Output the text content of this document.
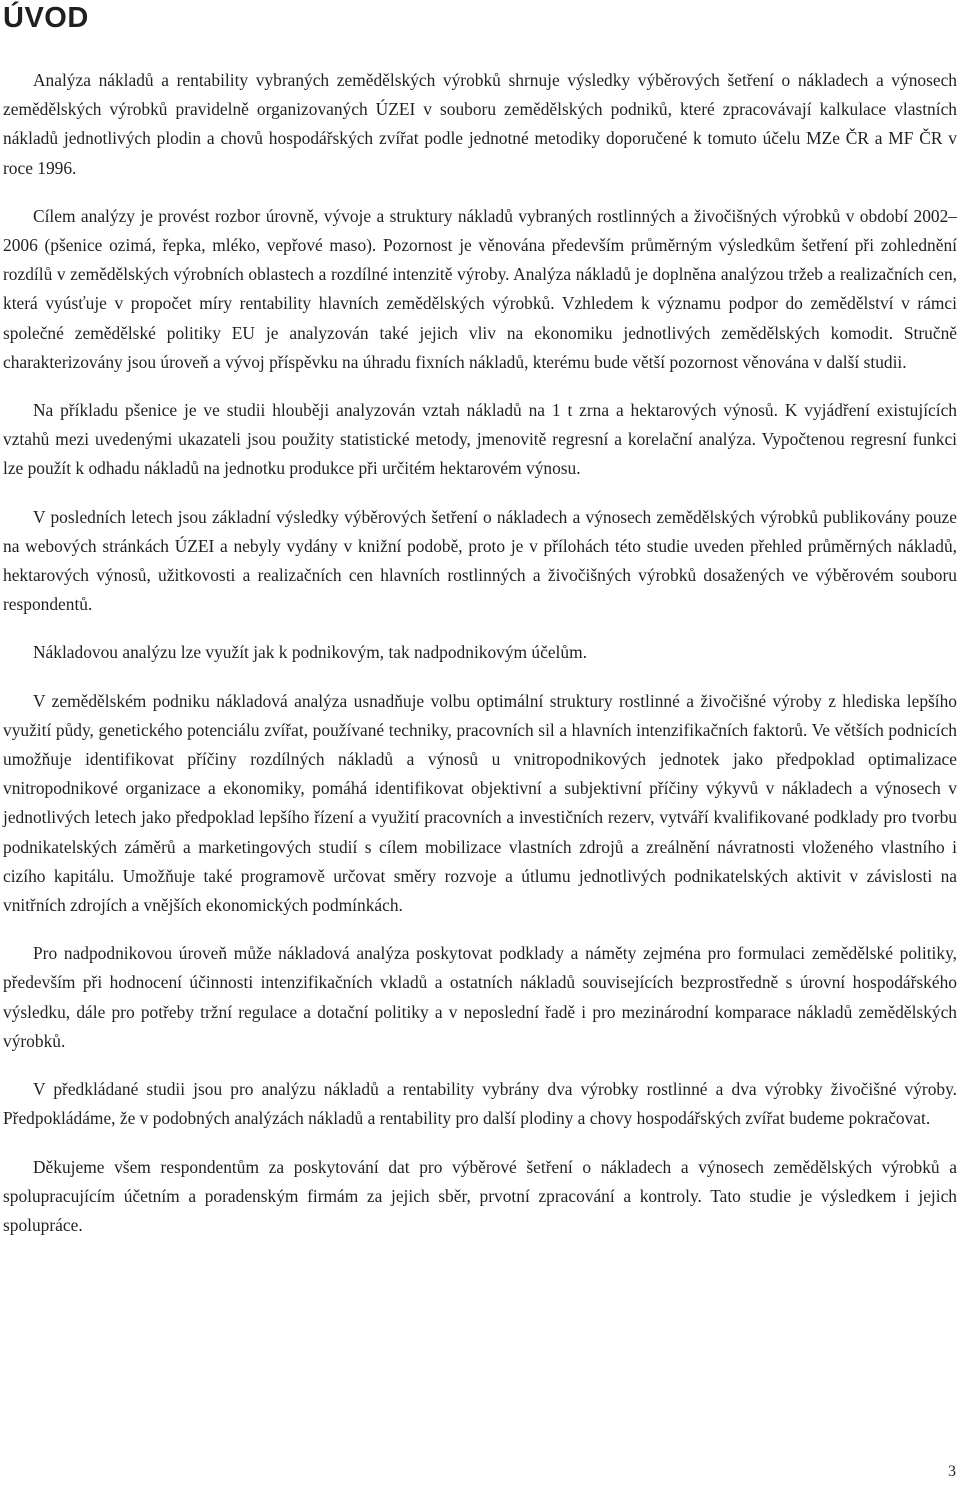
ÚVOD

Analýza nákladů a rentability vybraných zemědělských výrobků shrnuje výsledky výběrových šetření o nákladech a výnosech zemědělských výrobků pravidelně organizovaných ÚZEI v souboru zemědělských podniků, které zpracovávají kalkulace vlastních nákladů jednotlivých plodin a chovů hospodářských zvířat podle jednotné metodiky doporučené k tomuto účelu MZe ČR a MF ČR v roce 1996.

Cílem analýzy je provést rozbor úrovně, vývoje a struktury nákladů vybraných rostlinných a živočišných výrobků v období 2002–2006 (pšenice ozimá, řepka, mléko, vepřové maso). Pozornost je věnována především průměrným výsledkům šetření při zohlednění rozdílů v zemědělských výrobních oblastech a rozdílné intenzitě výroby. Analýza nákladů je doplněna analýzou tržeb a realizačních cen, která vyúsťuje v propočet míry rentability hlavních zemědělských výrobků. Vzhledem k významu podpor do zemědělství v rámci společné zemědělské politiky EU je analyzován také jejich vliv na ekonomiku jednotlivých zemědělských komodit. Stručně charakterizovány jsou úroveň a vývoj příspěvku na úhradu fixních nákladů, kterému bude větší pozornost věnována v další studii.

Na příkladu pšenice je ve studii hlouběji analyzován vztah nákladů na 1 t zrna a hektarových výnosů. K vyjádření existujících vztahů mezi uvedenými ukazateli jsou použity statistické metody, jmenovitě regresní a korelační analýza. Vypočtenou regresní funkci lze použít k odhadu nákladů na jednotku produkce při určitém hektarovém výnosu.

V posledních letech jsou základní výsledky výběrových šetření o nákladech a výnosech zemědělských výrobků publikovány pouze na webových stránkách ÚZEI a nebyly vydány v knižní podobě, proto je v přílohách této studie uveden přehled průměrných nákladů, hektarových výnosů, užitkovosti a realizačních cen hlavních rostlinných a živočišných výrobků dosažených ve výběrovém souboru respondentů.

Nákladovou analýzu lze využít jak k podnikovým, tak nadpodnikovým účelům.

V zemědělském podniku nákladová analýza usnadňuje volbu optimální struktury rostlinné a živočišné výroby z hlediska lepšího využití půdy, genetického potenciálu zvířat, používané techniky, pracovních sil a hlavních intenzifikačních faktorů. Ve větších podnicích umožňuje identifikovat příčiny rozdílných nákladů a výnosů u vnitropodnikových jednotek jako předpoklad optimalizace vnitropodnikové organizace a ekonomiky, pomáhá identifikovat objektivní a subjektivní příčiny výkyvů v nákladech a výnosech v jednotlivých letech jako předpoklad lepšího řízení a využití pracovních a investičních rezerv, vytváří kvalifikované podklady pro tvorbu podnikatelských záměrů a marketingových studií s cílem mobilizace vlastních zdrojů a zreálnění návratnosti vloženého vlastního i cizího kapitálu. Umožňuje také programově určovat směry rozvoje a útlumu jednotlivých podnikatelských aktivit v závislosti na vnitřních zdrojích a vnějších ekonomických podmínkách.

Pro nadpodnikovou úroveň může nákladová analýza poskytovat podklady a náměty zejména pro formulaci zemědělské politiky, především při hodnocení účinnosti intenzifikačních vkladů a ostatních nákladů souvisejících bezprostředně s úrovní hospodářského výsledku, dále pro potřeby tržní regulace a dotační politiky a v neposlední řadě i pro mezinárodní komparace nákladů zemědělských výrobků.

V předkládané studii jsou pro analýzu nákladů a rentability vybrány dva výrobky rostlinné a dva výrobky živočišné výroby. Předpokládáme, že v podobných analýzách nákladů a rentability pro další plodiny a chovy hospodářských zvířat budeme pokračovat.

Děkujeme všem respondentům za poskytování dat pro výběrové šetření o nákladech a výnosech zemědělských výrobků a spolupracujícím účetním a poradenským firmám za jejich sběr, prvotní zpracování a kontroly. Tato studie je výsledkem i jejich spolupráce.

3
